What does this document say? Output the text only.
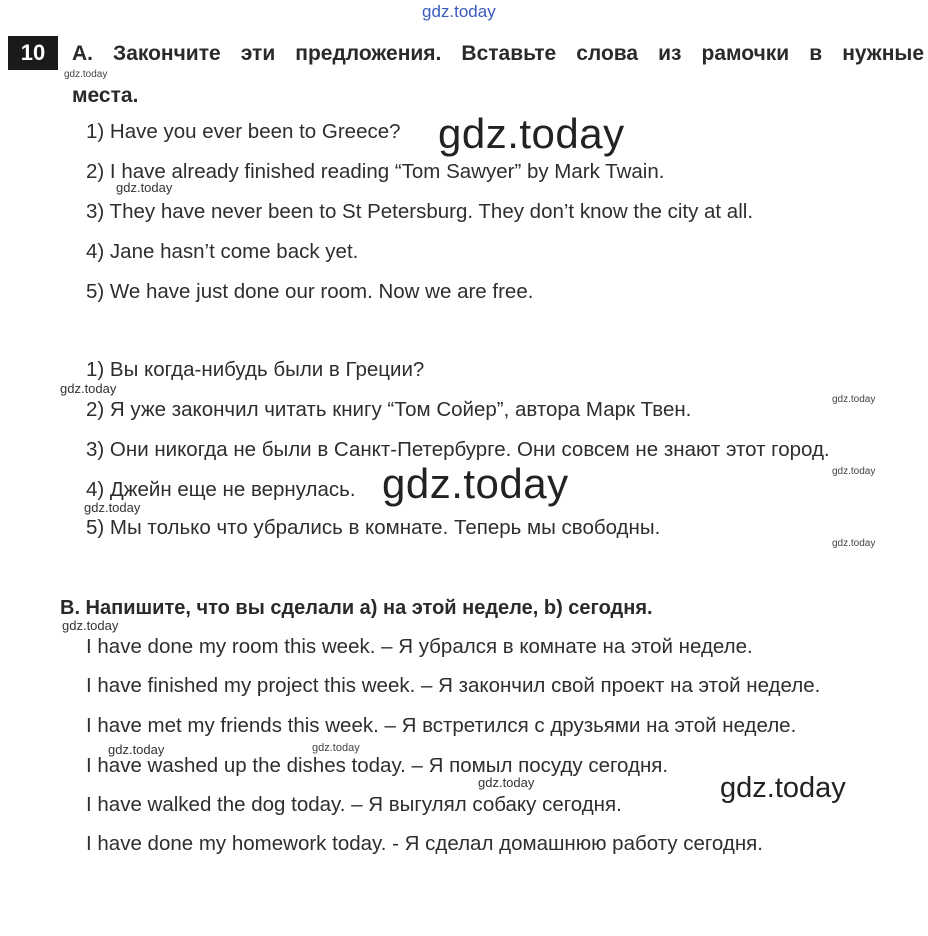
gdz.today
10	A. Закончите эти предложения. Вставьте слова из рамочки в нужные
места.
gdz.today
1) Have you ever been to Greece?
2) I have already finished reading “Tom Sawyer” by Mark Twain.
3) They have never been to St Petersburg. They don’t know the city at all.
4) Jane hasn’t come back yet.
5) We have just done our room. Now we are free.
gdz.today
gdz.today
1) Вы когда-нибудь были в Греции?
2) Я уже закончил читать книгу “Том Сойер”, автора Марк Твен.
3) Они никогда не были в Санкт-Петербурге. Они совсем не знают этот город.
4) Джейн еще не вернулась.
5) Мы только что убрались в комнате. Теперь мы свободны.
gdz.today
gdz.today
gdz.today
gdz.today
gdz.today
gdz.today
B. Напишите, что вы сделали a) на этой неделе, b) сегодня.
gdz.today
I have done my room this week. – Я убрался в комнате на этой неделе.
I have finished my project this week. – Я закончил свой проект на этой неделе.
I have met my friends this week. – Я встретился с друзьями на этой неделе.
I have washed up the dishes today. – Я помыл посуду сегодня.
I have walked the dog today. – Я выгулял собаку сегодня.
I have done my homework today. - Я сделал домашнюю работу сегодня.
gdz.today	gdz.today
gdz.today	gdz.today
